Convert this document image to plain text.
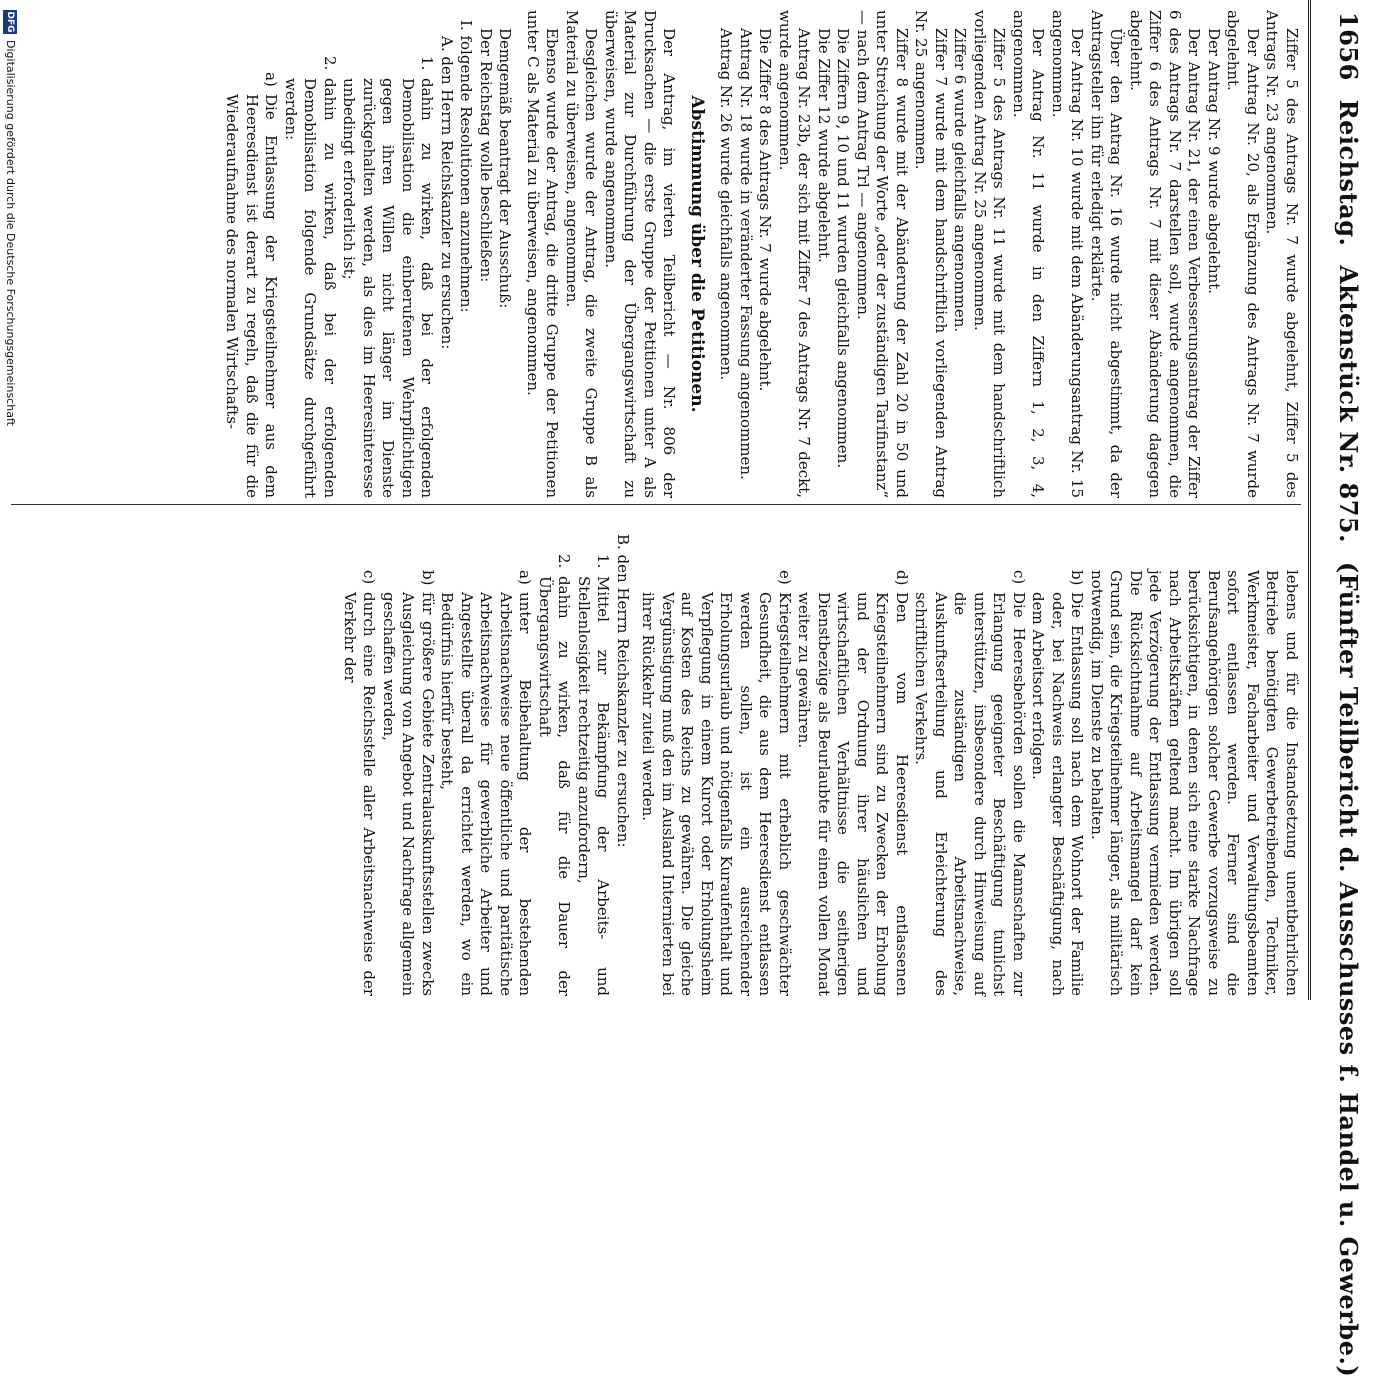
1656 Reichstag. Aktenstück Nr. 875. (Fünfter Teilbericht d. Ausschusses f. Handel u. Gewerbe.)

Ziffer 5 des Antrags Nr. 7 wurde abgelehnt, Ziffer 5 des Antrags Nr. 23 angenommen.

Der Antrag Nr. 20, als Ergänzung des Antrags Nr. 7 wurde abgelehnt.

Der Antrag Nr. 9 wurde abgelehnt.

Der Antrag Nr. 21, der einen Verbesserungsantrag der Ziffer 6 des Antrags Nr. 7 darstellen soll, wurde angenommen, die Ziffer 6 des Antrags Nr. 7 mit dieser Abänderung dagegen abgelehnt.

Über den Antrag Nr. 16 wurde nicht abgestimmt, da der Antragsteller ihn für erledigt erklärte.

Der Antrag Nr. 10 wurde mit dem Abänderungsantrag Nr. 15 angenommen.

Der Antrag Nr. 11 wurde in den Ziffern 1, 2, 3, 4, angenommen.

Ziffer 5 des Antrags Nr. 11 wurde mit dem handschriftlich vorliegenden Antrag Nr. 25 angenommen.

Ziffer 6 wurde gleichfalls angenommen.

Ziffer 7 wurde mit dem handschriftlich vorliegenden Antrag Nr. 25 angenommen.

Ziffer 8 wurde mit der Abänderung der Zahl 20 in 50 und unter Streichung der Worte „oder der zuständigen Tarifinstanz“ — nach dem Antrag Trl — angenommen.

Die Ziffern 9, 10 und 11 wurden gleichfalls angenommen.

Die Ziffer 12 wurde abgelehnt.

Antrag Nr. 23b, der sich mit Ziffer 7 des Antrags Nr. 7 deckt, wurde angenommen.

Die Ziffer 8 des Antrags Nr. 7 wurde abgelehnt.

Antrag Nr. 18 wurde in veränderter Fassung angenommen.

Antrag Nr. 26 wurde gleichfalls angenommen.

Abstimmung über die Petitionen.

Der Antrag, im vierten Teilbericht — Nr. 806 der Drucksachen — die erste Gruppe der Petitionen unter A als Material zur Durchführung der Übergangswirtschaft zu überweisen, wurde angenommen.

Desgleichen wurde der Antrag, die zweite Gruppe B als Material zu überweisen, angenommen.

Ebenso wurde der Antrag, die dritte Gruppe der Petitionen unter C als Material zu überweisen, angenommen.

Demgemäß beantragt der Ausschuß:

Der Reichstag wolle beschließen:

I. folgende Resolutionen anzunehmen:

A. den Herrn Reichskanzler zu ersuchen:

1.
dahin zu wirken, daß bei der erfolgenden Demobilisation die einberufenen Wehrpflichtigen gegen ihren Willen nicht länger im Dienste zurückgehalten werden, als dies im Heeresinteresse unbedingt erforderlich ist;
2.
dahin zu wirken, daß bei der erfolgenden Demobilisation folgende Grundsätze durchgeführt werden:
a)
Die Entlassung der Kriegsteilnehmer aus dem Heeresdienst ist derart zu regeln, daß die für die Wiederaufnahme des normalen Wirtschafts-

lebens und für die Instandsetzung unentbehrlichen Betriebe benötigten Gewerbetreibenden, Techniker, Werkmeister, Facharbeiter und Verwaltungsbeamten sofort entlassen werden. Ferner sind die Berufsangehörigen solcher Gewerbe vorzugsweise zu berücksichtigen, in denen sich eine starke Nachfrage nach Arbeitskräften geltend macht. Im übrigen soll jede Verzögerung der Entlassung vermieden werden. Die Rücksichtnahme auf Arbeitsmangel darf kein Grund sein, die Kriegsteilnehmer länger, als militärisch notwendig, im Dienste zu behalten.

b)
Die Entlassung soll nach dem Wohnort der Familie oder, bei Nachweis erlangter Beschäftigung, nach dem Arbeitsort erfolgen.
c)
Die Heeresbehörden sollen die Mannschaften zur Erlangung geeigneter Beschäftigung tunlichst unterstützen, insbesondere durch Hinweisung auf die zuständigen Arbeitsnachweise, Auskunftserteilung und Erleichterung des schriftlichen Verkehrs.
d)
Den vom Heeresdienst entlassenen Kriegsteilnehmern sind zu Zwecken der Erholung und der Ordnung ihrer häuslichen und wirtschaftlichen Verhältnisse die seitherigen Dienstbezüge als Beurlaubte für einen vollen Monat weiter zu gewähren.
e)
Kriegsteilnehmern mit erheblich geschwächter Gesundheit, die aus dem Heeresdienst entlassen werden sollen, ist ein ausreichender Erholungsurlaub und nötigenfalls Kuraufenthalt und Verpflegung in einem Kurort oder Erholungsheim auf Kosten des Reichs zu gewähren. Die gleiche Vergünstigung muß den im Ausland Internierten bei ihrer Rückkehr zuteil werden.

B. den Herrn Reichskanzler zu ersuchen:

1.
Mittel zur Bekämpfung der Arbeits- und Stellenlosigkeit rechtzeitig anzufordern,
2.
dahin zu wirken, daß für die Dauer der Übergangswirtschaft
a)
unter Beibehaltung der bestehenden Arbeitsnachweise neue öffentliche und paritätische Arbeitsnachweise für gewerbliche Arbeiter und Angestellte überall da errichtet werden, wo ein Bedürfnis hierfür besteht,
b)
für größere Gebiete Zentralauskunftsstellen zwecks Ausgleichung von Angebot und Nachfrage allgemein geschaffen werden,
c)
durch eine Reichsstelle aller Arbeitsnachweise der Verkehr der
DFG
Digitalisierung gefördert durch die Deutsche Forschungsgemeinschaft
